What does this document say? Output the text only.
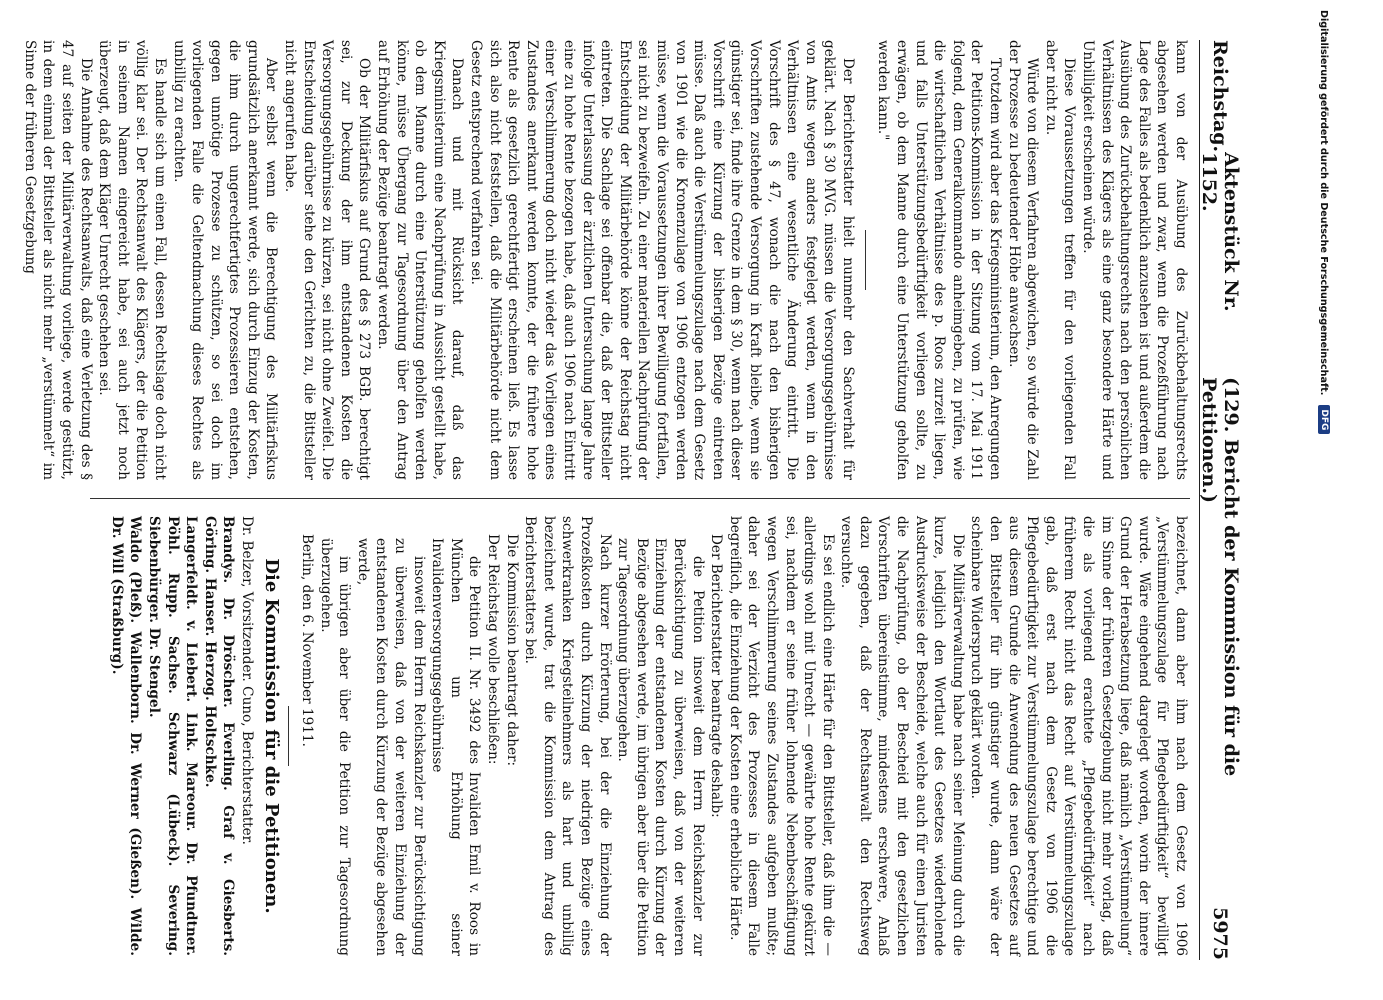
Reichstag.
Aktenstück Nr. 1152.
(129. Bericht der Kommission für die Petitionen.)
5975

kann von der Ausübung des Zurückbehaltungsrechts abgesehen werden und zwar, wenn die Prozeßführung nach Lage des Falles als bedenklich anzusehen ist und außerdem die Ausübung des Zurückbehaltungsrechts nach den persönlichen Verhältnissen des Klägers als eine ganz besondere Härte und Unbilligkeit erscheinen würde.

Diese Voraussetzungen treffen für den vorliegenden Fall aber nicht zu.

Würde von diesem Verfahren abgewichen, so würde die Zahl der Prozesse zu bedeutender Höhe anwachsen.

Trotzdem wird aber das Kriegsministerium, den Anregungen der Petitions-Kommission in der Sitzung vom 17. Mai 1911 folgend, dem Generalkommando anheimgeben, zu prüfen, wie die wirtschaftlichen Verhältnisse des p. Roos zurzeit liegen, und falls Unterstützungsbedürftigkeit vorliegen sollte, zu erwägen, ob dem Manne durch eine Unterstützung geholfen werden kann."

Der Berichterstatter hielt nunmehr den Sachverhalt für geklärt. Nach § 30 MVG. müssen die Versorgungsgebührnisse von Amts wegen anders festgelegt werden, wenn in den Verhältnissen eine wesentliche Änderung eintritt. Die Vorschrift des § 47, wonach die nach den bisherigen Vorschriften zustehende Versorgung in Kraft bleibe, wenn sie günstiger sei, finde ihre Grenze in dem § 30, wenn nach dieser Vorschrift eine Kürzung der bisherigen Bezüge eintreten müsse. Daß auch die Verstümmelungszulage nach dem Gesetz von 1901 wie die Kronenzulage von 1906 entzogen werden müsse, wenn die Voraussetzungen ihrer Bewilligung fortfallen, sei nicht zu bezweifeln. Zu einer materiellen Nachprüfung der Entscheidung der Militärbehörde könne der Reichstag nicht eintreten. Die Sachlage sei offenbar die, daß der Bittsteller infolge Unterlassung der ärztlichen Untersuchung lange Jahre eine zu hohe Rente bezogen habe, daß auch 1906 nach Eintritt einer Verschlimmerung doch nicht wieder das Vorliegen eines Zustandes anerkannt werden konnte, der die frühere hohe Rente als gesetzlich gerechtfertigt erscheinen ließ. Es lasse sich also nicht feststellen, daß die Militärbehörde nicht dem Gesetz entsprechend verfahren sei.

Danach und mit Rücksicht darauf, daß das Kriegsministerium eine Nachprüfung in Aussicht gestellt habe, ob dem Manne durch eine Unterstützung geholfen werden könne, müsse Übergang zur Tagesordnung über den Antrag auf Erhöhung der Bezüge beantragt werden.

Ob der Militärfiskus auf Grund des § 273 BGB. berechtigt sei, zur Deckung der ihm entstandenen Kosten die Versorgungsgebührnisse zu kürzen, sei nicht ohne Zweifel. Die Entscheidung darüber stehe den Gerichten zu, die Bittsteller nicht angerufen habe.

Aber selbst wenn die Berechtigung des Militärfiskus grundsätzlich anerkannt werde, sich durch Einzug der Kosten, die ihm durch ungerechtfertigtes Prozessieren entstehen, gegen unnötige Prozesse zu schützen, so sei doch im vorliegenden Falle die Geltendmachung dieses Rechtes als unbillig zu erachten.

Es handle sich um einen Fall, dessen Rechtslage doch nicht völlig klar sei. Der Rechtsanwalt des Klägers, der die Petition in seinem Namen eingereicht habe, sei auch jetzt noch überzeugt, daß dem Kläger Unrecht geschehen sei.

Die Annahme des Rechtsanwalts, daß eine Verletzung des § 47 auf seiten der Militärverwaltung vorliege, werde gestützt, in dem einmal der Bittsteller als nicht mehr „verstümmelt“ im Sinne der früheren Gesetzgebung

bezeichnet, dann aber ihm nach dem Gesetz von 1906 „Verstümmelungszulage für Pflegebedürftigkeit“ bewilligt wurde. Wäre eingehend dargelegt worden, worin der innere Grund der Herabsetzung liege, daß nämlich „Verstümmelung“ im Sinne der früheren Gesetzgebung nicht mehr vorlag, daß die als vorliegend erachtete „Pflegebedürftigkeit“ nach früherem Recht nicht das Recht auf Verstümmelungszulage gab, daß erst nach dem Gesetz von 1906 die Pflegebedürftigkeit zur Verstümmelungszulage berechtige und aus diesem Grunde die Anwendung des neuen Gesetzes auf den Bittsteller für ihn günstiger wurde, dann wäre der scheinbare Widerspruch geklärt worden.

Die Militärverwaltung habe nach seiner Meinung durch die kurze, lediglich den Wortlaut des Gesetzes wiederholende Ausdrucksweise der Bescheide, welche auch für einen Juristen die Nachprüfung, ob der Bescheid mit den gesetzlichen Vorschriften übereinstimme, mindestens erschwere, Anlaß dazu gegeben, daß der Rechtsanwalt den Rechtsweg versuchte.

Es sei endlich eine Härte für den Bittsteller, daß ihm die — allerdings wohl mit Unrecht — gewährte hohe Rente gekürzt sei, nachdem er seine früher lohnende Nebenbeschäftigung wegen Verschlimmerung seines Zustandes aufgeben mußte; daher sei der Verzicht des Prozesses in diesem Falle begreiflich, die Einziehung der Kosten eine erhebliche Härte.

Der Berichterstatter beantragte deshalb:

die Petition insoweit dem Herrn Reichskanzler zur Berücksichtigung zu überweisen, daß von der weiteren Einziehung der entstandenen Kosten durch Kürzung der Bezüge abgesehen werde, im übrigen aber über die Petition zur Tagesordnung überzugehen.

Nach kurzer Erörterung, bei der die Einziehung der Prozeßkosten durch Kürzung der niedrigen Bezüge eines schwerkranken Kriegsteilnehmers als hart und unbillig bezeichnet wurde, trat die Kommission dem Antrag des Berichterstatters bei.

Die Kommission beantragt daher:

Der Reichstag wolle beschließen:

die Petition II. Nr. 3492 des Invaliden Emil v. Roos in München um Erhöhung seiner Invalidenversorgungsgebührnisse

insoweit dem Herrn Reichskanzler zur Berücksichtigung zu überweisen, daß von der weiteren Einziehung der entstandenen Kosten durch Kürzung der Bezüge abgesehen werde,

im übrigen aber über die Petition zur Tagesordnung überzugehen.

Berlin, den 6. November 1911.

Die Kommission für die Petitionen.

Dr. Belzer, Vorsitzender. Cuno, Berichterstatter.

Brandys. Dr. Dröscher. Everling. Graf v. Giesberts. Göring. Hanser. Herzog. Holtschke.

Langerfeldt. v. Liebert. Link. Mareour. Dr. Pfundtner. Pöhl. Rupp. Sachse. Schwarz (Lübeck). Severing. Siebenbürger. Dr. Stengel.

Waldo (Pleß). Wallenborn. Dr. Werner (Gießen). Wilde. Dr. Will (Straßburg).

Digitalisierung gefördert durch die Deutsche Forschungsgemeinschaft.
DFG
